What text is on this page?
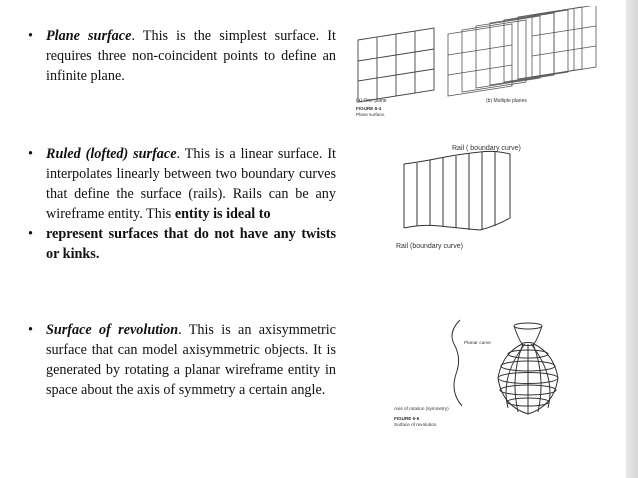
• Plane surface. This is the simplest surface. It requires three non-coincident points to define an infinite plane.
• Ruled (lofted) surface. This is a linear surface. It interpolates linearly between two boundary curves that define the surface (rails). Rails can be any wireframe entity. This entity is ideal to
• represent surfaces that do not have any twists or kinks.
• Surface of revolution. This is an axisymmetric surface that can model axisymmetric objects. It is generated by rotating a planar wireframe entity in space about the axis of symmetry a certain angle.
(a) One plane	(b) Multiple planes
FIGURE 6-4
Plane surface.
Rail ( boundary curve)
Rail (boundary curve)
Planar curve
Axis of rotation (symmetry)
FIGURE 6-6
Surface of revolution.
